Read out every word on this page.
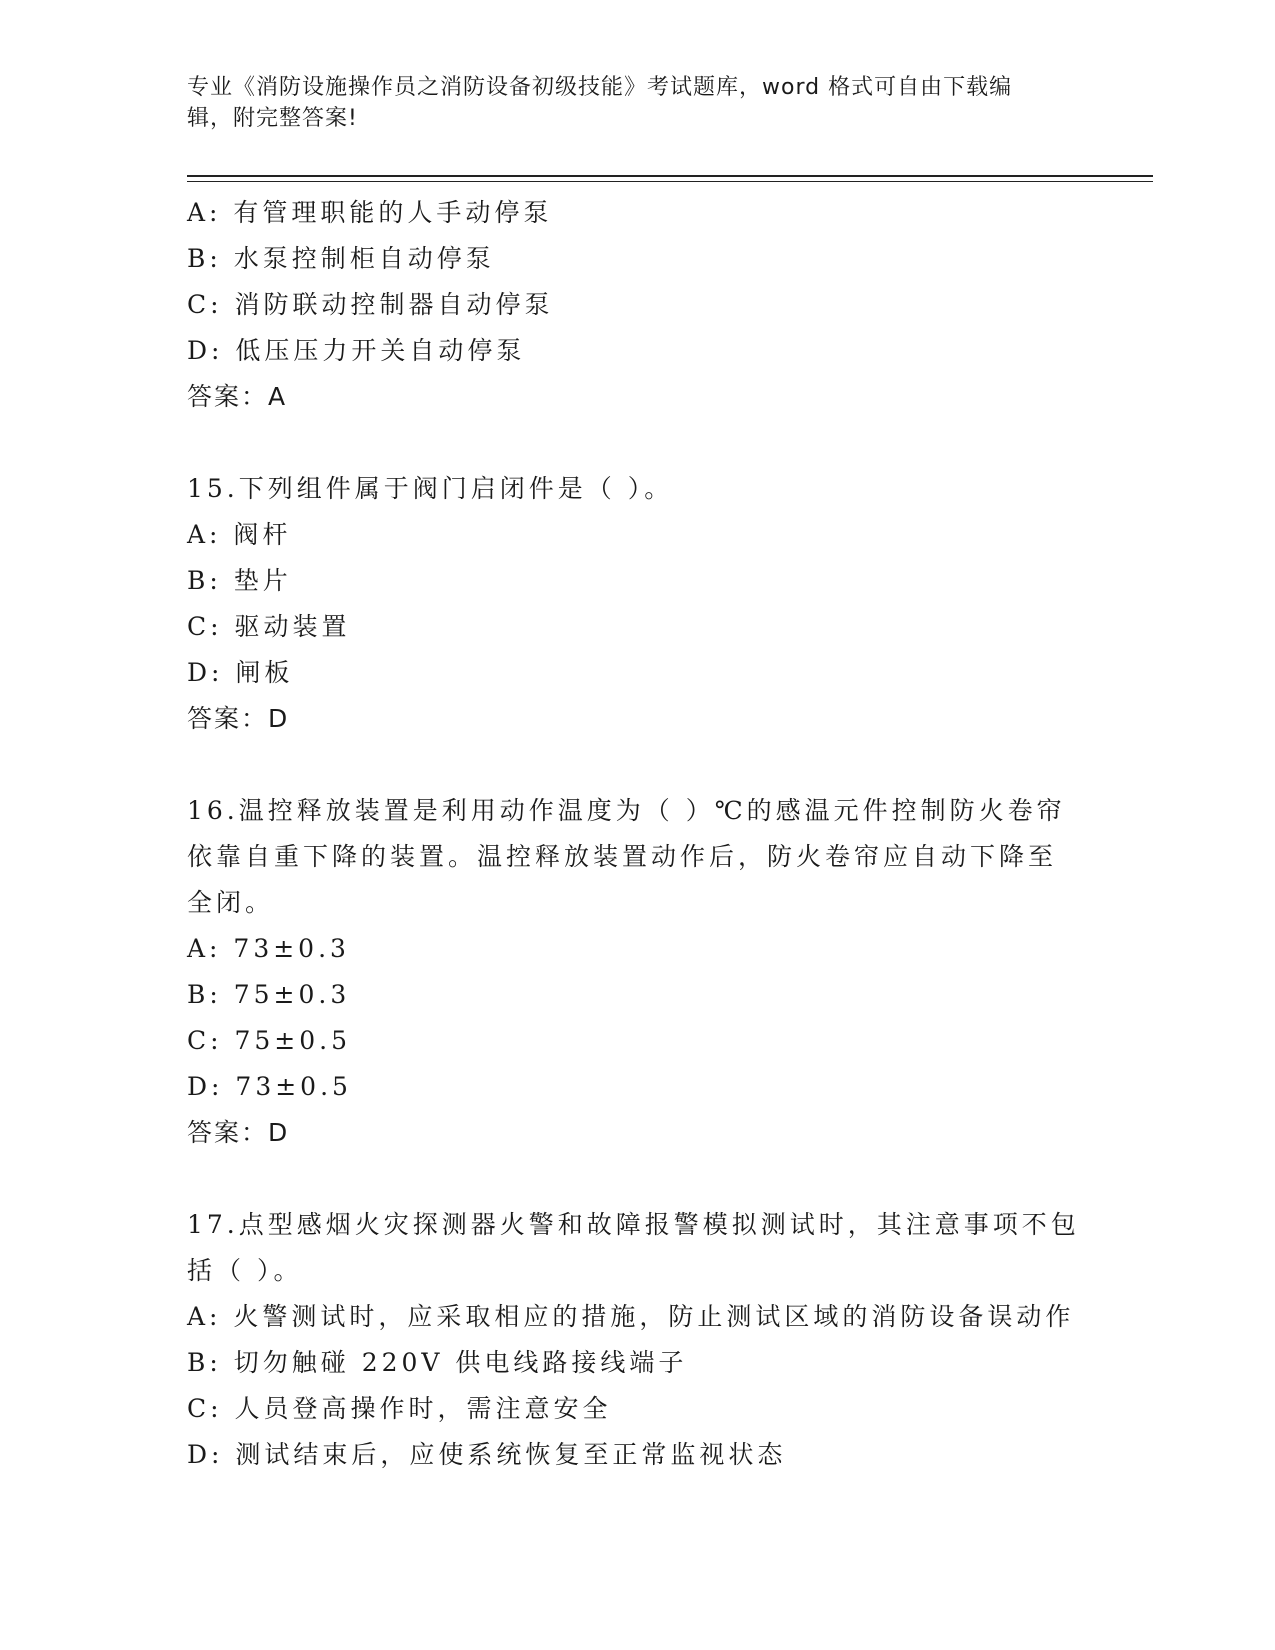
专业《消防设施操作员之消防设备初级技能》考试题库，word 格式可自由下载编
辑，附完整答案!
A: 有管理职能的人手动停泵
B: 水泵控制柜自动停泵
C: 消防联动控制器自动停泵
D: 低压压力开关自动停泵
答案：A
15.下列组件属于阀门启闭件是（ ）。
A: 阀杆
B: 垫片
C: 驱动装置
D: 闸板
答案：D
16.温控释放装置是利用动作温度为（ ）℃的感温元件控制防火卷帘
依靠自重下降的装置。温控释放装置动作后，防火卷帘应自动下降至
全闭。
A: 73±0.3
B: 75±0.3
C: 75±0.5
D: 73±0.5
答案：D
17.点型感烟火灾探测器火警和故障报警模拟测试时，其注意事项不包
括（ ）。
A: 火警测试时，应采取相应的措施，防止测试区域的消防设备误动作
B: 切勿触碰 220V 供电线路接线端子
C: 人员登高操作时，需注意安全
D: 测试结束后，应使系统恢复至正常监视状态
